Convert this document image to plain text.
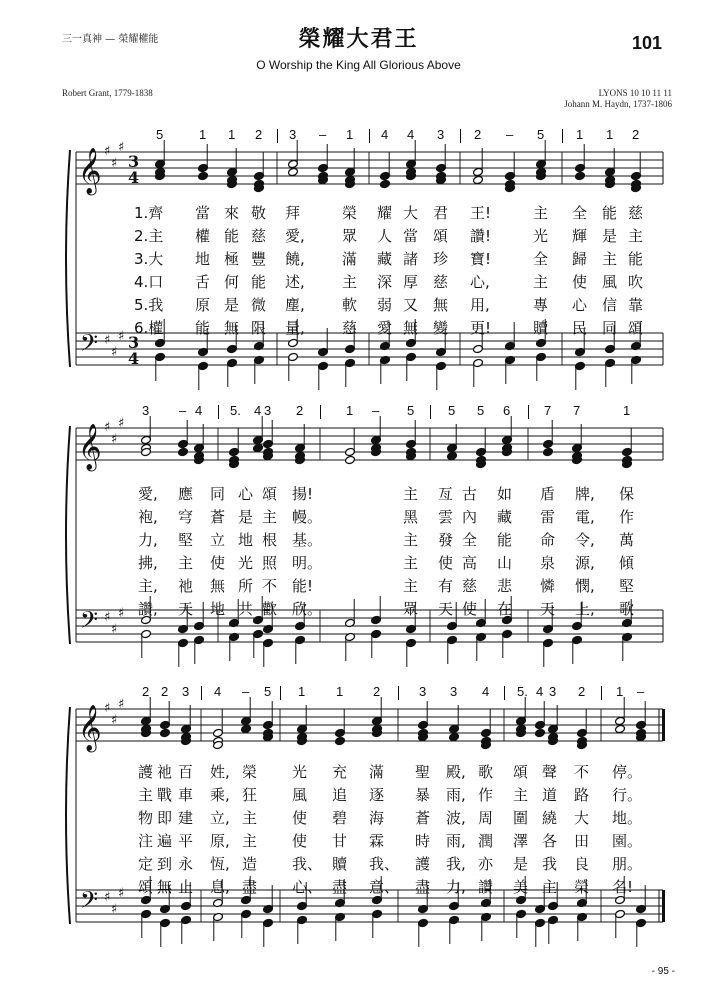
三一真神 — 榮耀權能	榮耀大君王
O Worship the King All Glorious Above
101
Robert Grant, 1779-1838	LYONS 10 10 11 11
Johann M. Haydn, 1737-1806
𝄞
𝄢
♯
♯
♯
♯
♯
♯
3
4
3
4
𝄞
𝄢
♯
♯
♯
♯
♯
♯
𝄞
𝄢
♯
♯
♯
♯
♯
♯
5	1 1 2 3 – 1 4 4 3 2 – 5 1 1 2
1.齊 當 來 敬 拜	榮 耀 大 君 王!	主 全 能 慈
2.主 權 能 慈 愛, 眾 人 當 頌 讚!	光 輝 是 主
3.大 地 極 豐 饒, 滿 藏 諸 珍 寶!	全 歸 主 能
4.口 舌 何 能 述, 主 深 厚 慈 心,	主 使 風 吹
5.我 原 是 微 塵, 軟 弱 又 無 用,	專 心 信 靠
6.權 能 無 限 量, 慈 愛 無 變 更!	贖 民 同 頌
3 – 4 5. 4 3 2	1 – 5	5 5 6	7 7	1
愛, 應 同 心 頌 揚!	主 亙 古 如 盾 牌, 保
袍, 穹 蒼 是 主 幔。	黑 雲 內 藏 雷 電, 作
力, 堅 立 地 根 基。	主 發 全 能 命 令, 萬
拂, 主 使 光 照 明。	主 使 高 山 泉 源, 傾
主, 祂 無 所 不 能!	主 有 慈 悲 憐 憫, 堅
讚, 天 地 共 歡 欣。	眾 天 使 在 天 上, 歌
2 2 3 4 – 5 1 1 2	3 3 4 5. 4 3 2 1 –
護 祂 百 姓, 榮 光 充 滿 聖 殿, 歌 頌 聲 不 停。
主 戰 車 乘, 狂 風 追 逐 暴 雨, 作 主 道 路 行。
物 即 建 立, 主 使 碧 海 蒼 波, 周 圍 繞 大 地。
注 遍 平 原, 主 使 甘 霖 時 雨, 潤 澤 各 田 園。
定 到 永 恆, 造 我、 贖 我、 護 我, 亦 是 我 良 朋。
頌 無 止 息, 盡 心、 盡 意、 盡 力, 讚 美 主 榮 名!
- 95 -
